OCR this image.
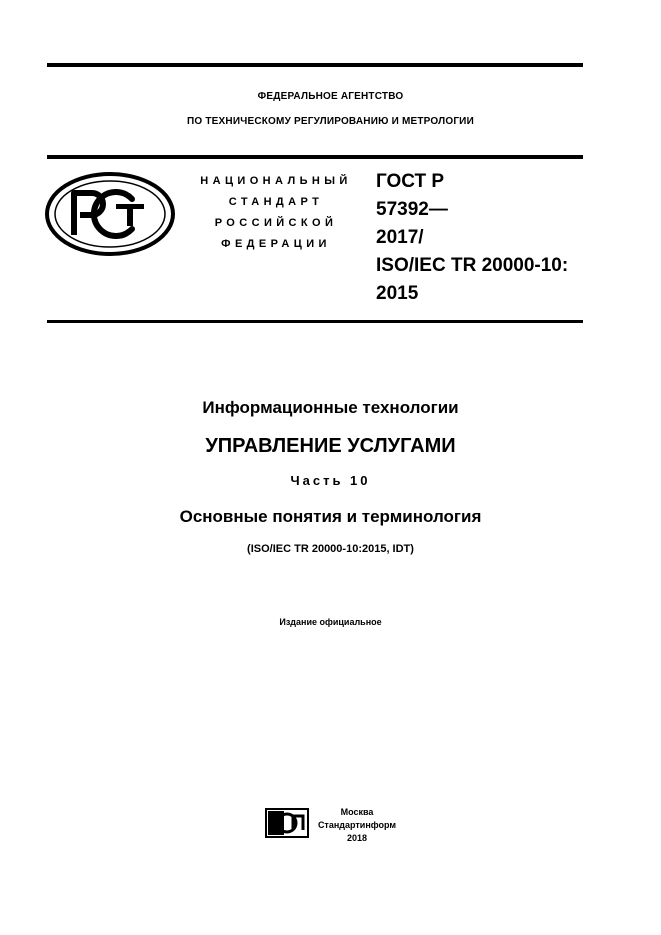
ФЕДЕРАЛЬНОЕ АГЕНТСТВО
ПО ТЕХНИЧЕСКОМУ РЕГУЛИРОВАНИЮ И МЕТРОЛОГИИ
НАЦИОНАЛЬНЫЙ
СТАНДАРТ
РОССИЙСКОЙ
ФЕДЕРАЦИИ
ГОСТ Р
57392—
2017/
ISO/IEC TR 20000-10:
2015
Информационные технологии
УПРАВЛЕНИЕ УСЛУГАМИ
Часть 10
Основные понятия и терминология
(ISO/IEC TR 20000-10:2015, IDT)
Издание официальное
Москва
Стандартинформ
2018
